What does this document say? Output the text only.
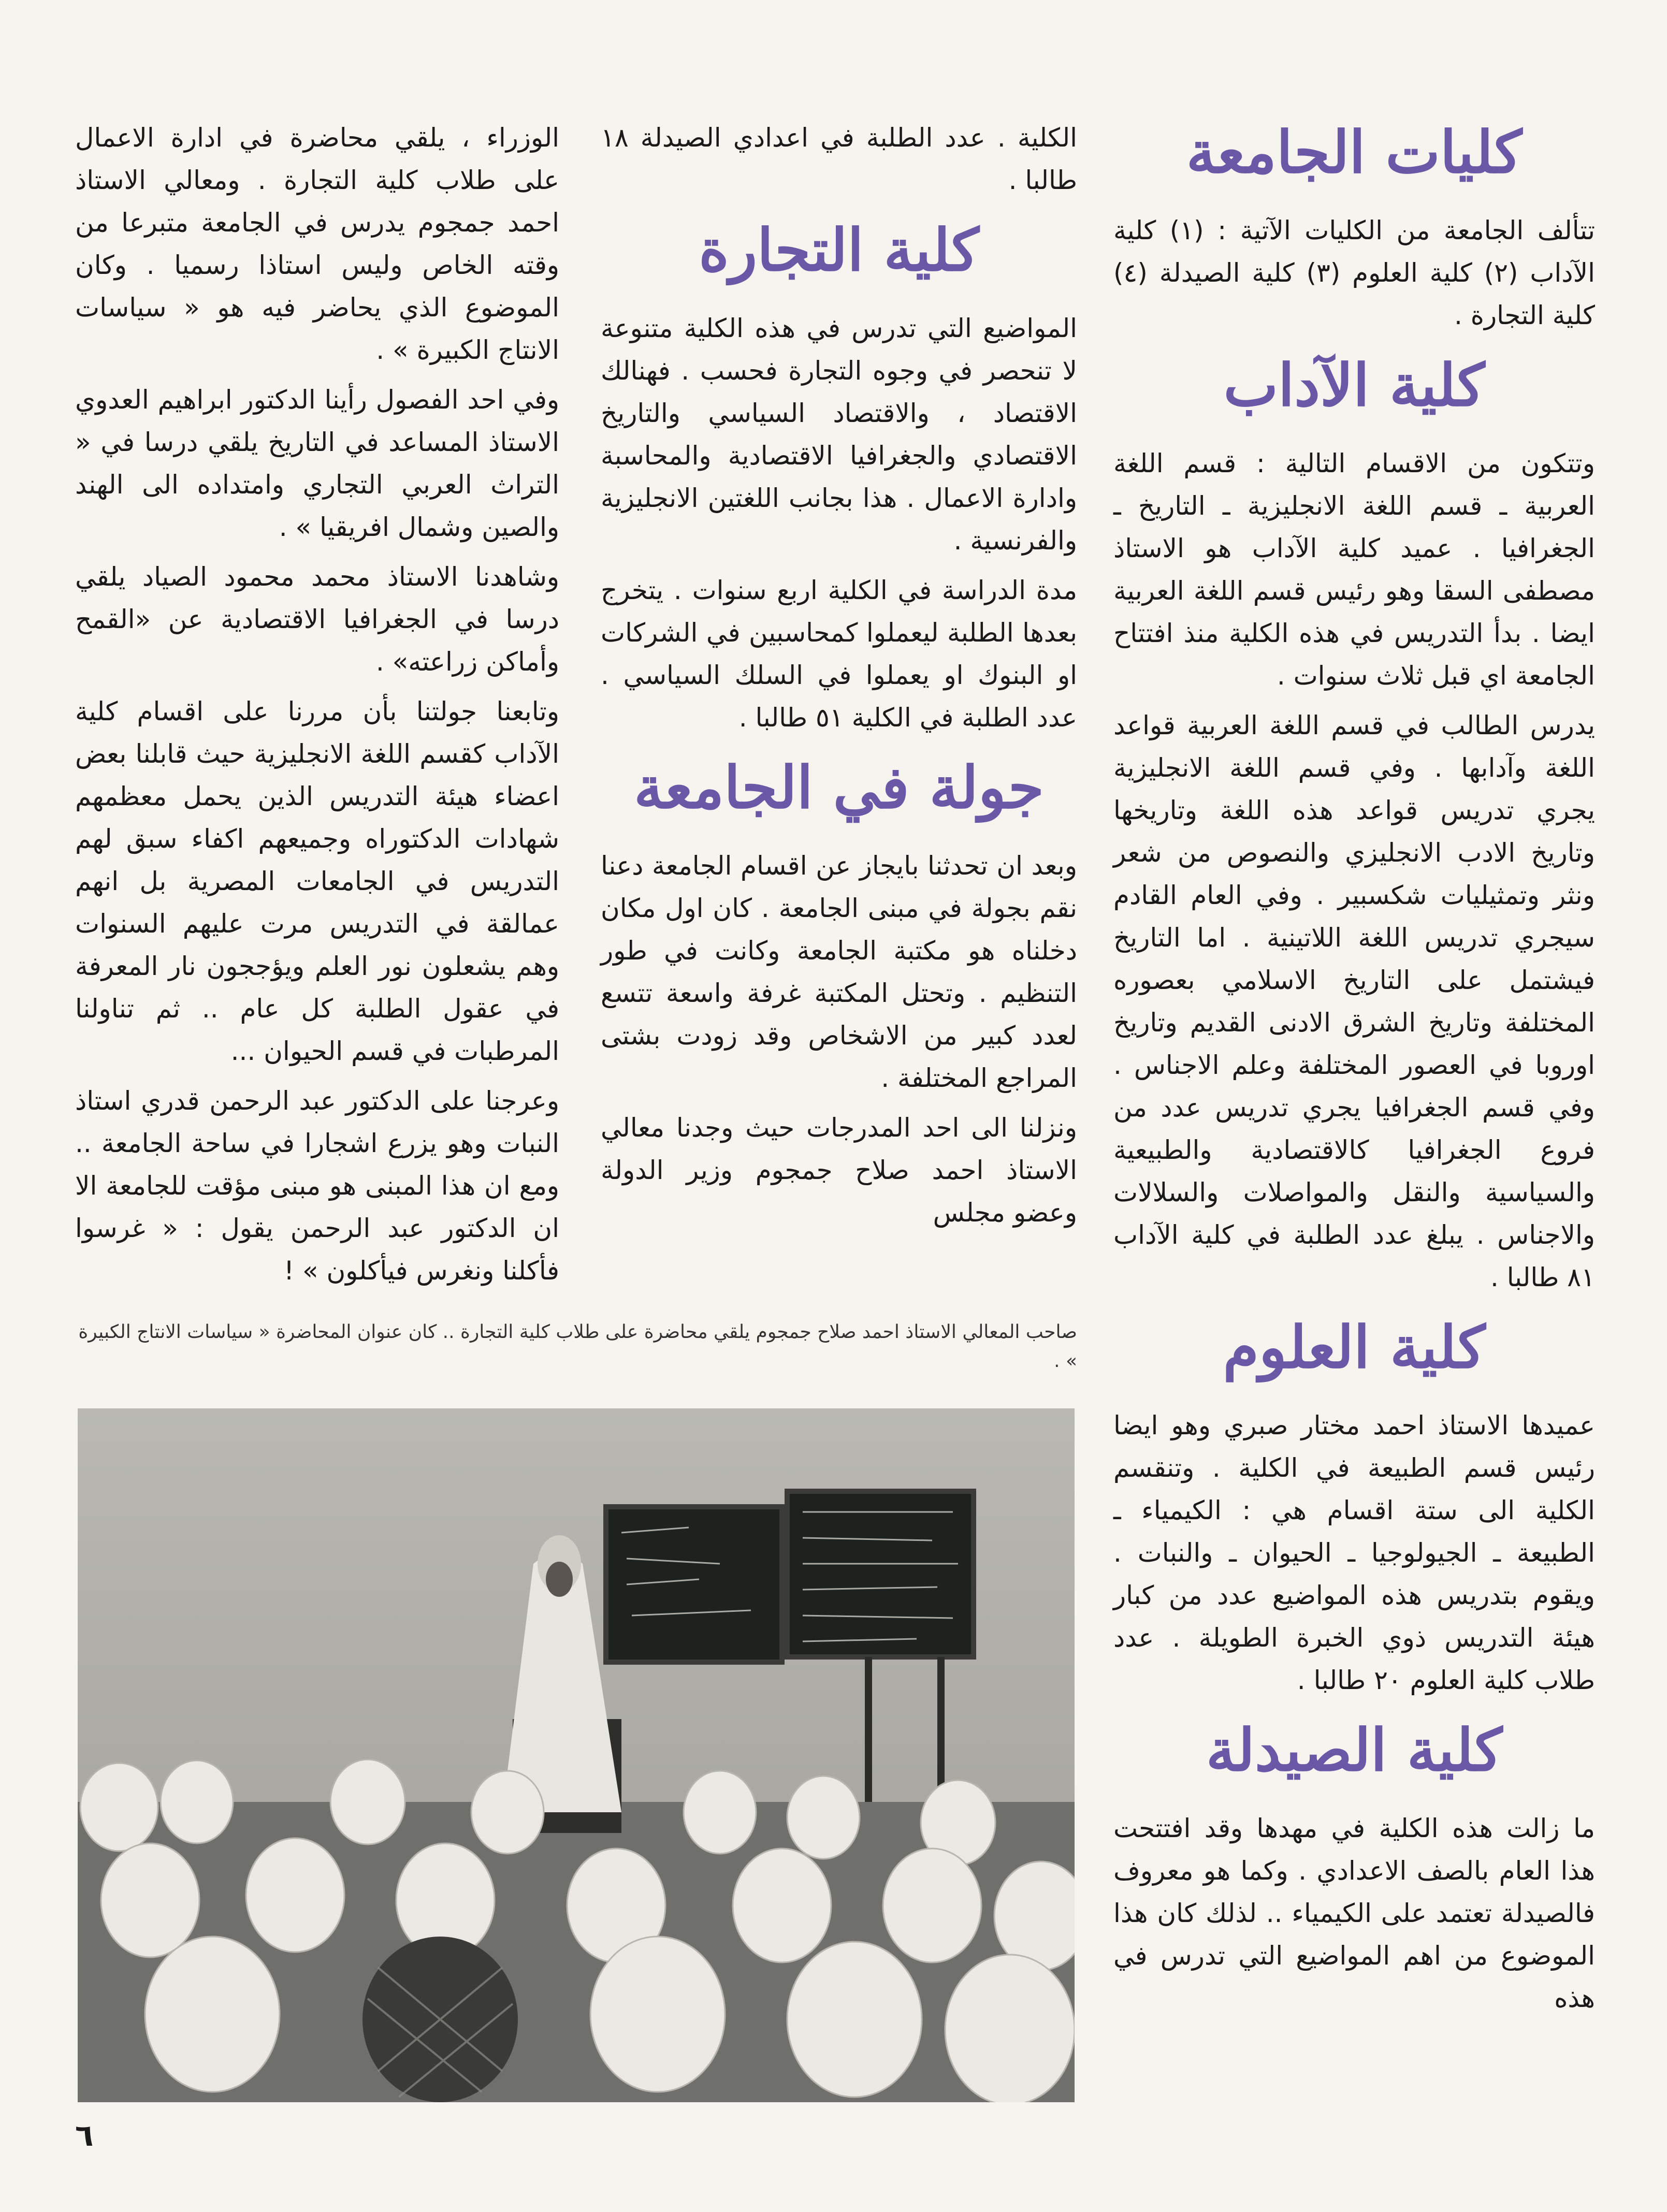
كليات الجامعة

تتألف الجامعة من الكليات الآتية : (١) كلية الآداب (٢) كلية العلوم (٣) كلية الصيدلة (٤) كلية التجارة .

كلية الآداب

وتتكون من الاقسام التالية : قسم اللغة العربية ـ قسم اللغة الانجليزية ـ التاريخ ـ الجغرافيا . عميد كلية الآداب هو الاستاذ مصطفى السقا وهو رئيس قسم اللغة العربية ايضا . بدأ التدريس في هذه الكلية منذ افتتاح الجامعة اي قبل ثلاث سنوات .

يدرس الطالب في قسم اللغة العربية قواعد اللغة وآدابها . وفي قسم اللغة الانجليزية يجري تدريس قواعد هذه اللغة وتاريخها وتاريخ الادب الانجليزي والنصوص من شعر ونثر وتمثيليات شكسبير . وفي العام القادم سيجري تدريس اللغة اللاتينية . اما التاريخ فيشتمل على التاريخ الاسلامي بعصوره المختلفة وتاريخ الشرق الادنى القديم وتاريخ اوروبا في العصور المختلفة وعلم الاجناس . وفي قسم الجغرافيا يجري تدريس عدد من فروع الجغرافيا كالاقتصادية والطبيعية والسياسية والنقل والمواصلات والسلالات والاجناس . يبلغ عدد الطلبة في كلية الآداب ٨١ طالبا .

كلية العلوم

عميدها الاستاذ احمد مختار صبري وهو ايضا رئيس قسم الطبيعة في الكلية . وتنقسم الكلية الى ستة اقسام هي : الكيمياء ـ الطبيعة ـ الجيولوجيا ـ الحيوان ـ والنبات . ويقوم بتدريس هذه المواضيع عدد من كبار هيئة التدريس ذوي الخبرة الطويلة . عدد طلاب كلية العلوم ٢٠ طالبا .

كلية الصيدلة

ما زالت هذه الكلية في مهدها وقد افتتحت هذا العام بالصف الاعدادي . وكما هو معروف فالصيدلة تعتمد على الكيمياء .. لذلك كان هذا الموضوع من اهم المواضيع التي تدرس في هذه

الكلية . عدد الطلبة في اعدادي الصيدلة ١٨ طالبا .

كلية التجارة

المواضيع التي تدرس في هذه الكلية متنوعة لا تنحصر في وجوه التجارة فحسب . فهنالك الاقتصاد ، والاقتصاد السياسي والتاريخ الاقتصادي والجغرافيا الاقتصادية والمحاسبة وادارة الاعمال . هذا بجانب اللغتين الانجليزية والفرنسية .

مدة الدراسة في الكلية اربع سنوات . يتخرج بعدها الطلبة ليعملوا كمحاسبين في الشركات او البنوك او يعملوا في السلك السياسي . عدد الطلبة في الكلية ٥١ طالبا .

جولة في الجامعة

وبعد ان تحدثنا بايجاز عن اقسام الجامعة دعنا نقم بجولة في مبنى الجامعة . كان اول مكان دخلناه هو مكتبة الجامعة وكانت في طور التنظيم . وتحتل المكتبة غرفة واسعة تتسع لعدد كبير من الاشخاص وقد زودت بشتى المراجع المختلفة .

ونزلنا الى احد المدرجات حيث وجدنا معالي الاستاذ احمد صلاح جمجوم وزير الدولة وعضو مجلس

الوزراء ، يلقي محاضرة في ادارة الاعمال على طلاب كلية التجارة . ومعالي الاستاذ احمد جمجوم يدرس في الجامعة متبرعا من وقته الخاص وليس استاذا رسميا . وكان الموضوع الذي يحاضر فيه هو « سياسات الانتاج الكبيرة » .

وفي احد الفصول رأينا الدكتور ابراهيم العدوي الاستاذ المساعد في التاريخ يلقي درسا في « التراث العربي التجاري وامتداده الى الهند والصين وشمال افريقيا » .

وشاهدنا الاستاذ محمد محمود الصياد يلقي درسا في الجغرافيا الاقتصادية عن «القمح وأماكن زراعته» .

وتابعنا جولتنا بأن مررنا على اقسام كلية الآداب كقسم اللغة الانجليزية حيث قابلنا بعض اعضاء هيئة التدريس الذين يحمل معظمهم شهادات الدكتوراه وجميعهم اكفاء سبق لهم التدريس في الجامعات المصرية بل انهم عمالقة في التدريس مرت عليهم السنوات وهم يشعلون نور العلم ويؤججون نار المعرفة في عقول الطلبة كل عام .. ثم تناولنا المرطبات في قسم الحيوان ...

وعرجنا على الدكتور عبد الرحمن قدري استاذ النبات وهو يزرع اشجارا في ساحة الجامعة .. ومع ان هذا المبنى هو مبنى مؤقت للجامعة الا ان الدكتور عبد الرحمن يقول : « غرسوا فأكلنا ونغرس فيأكلون » !

صاحب المعالي الاستاذ احمد صلاح جمجوم يلقي محاضرة على طلاب كلية التجارة .. كان عنوان المحاضرة « سياسات الانتاج الكبيرة » .
٦
